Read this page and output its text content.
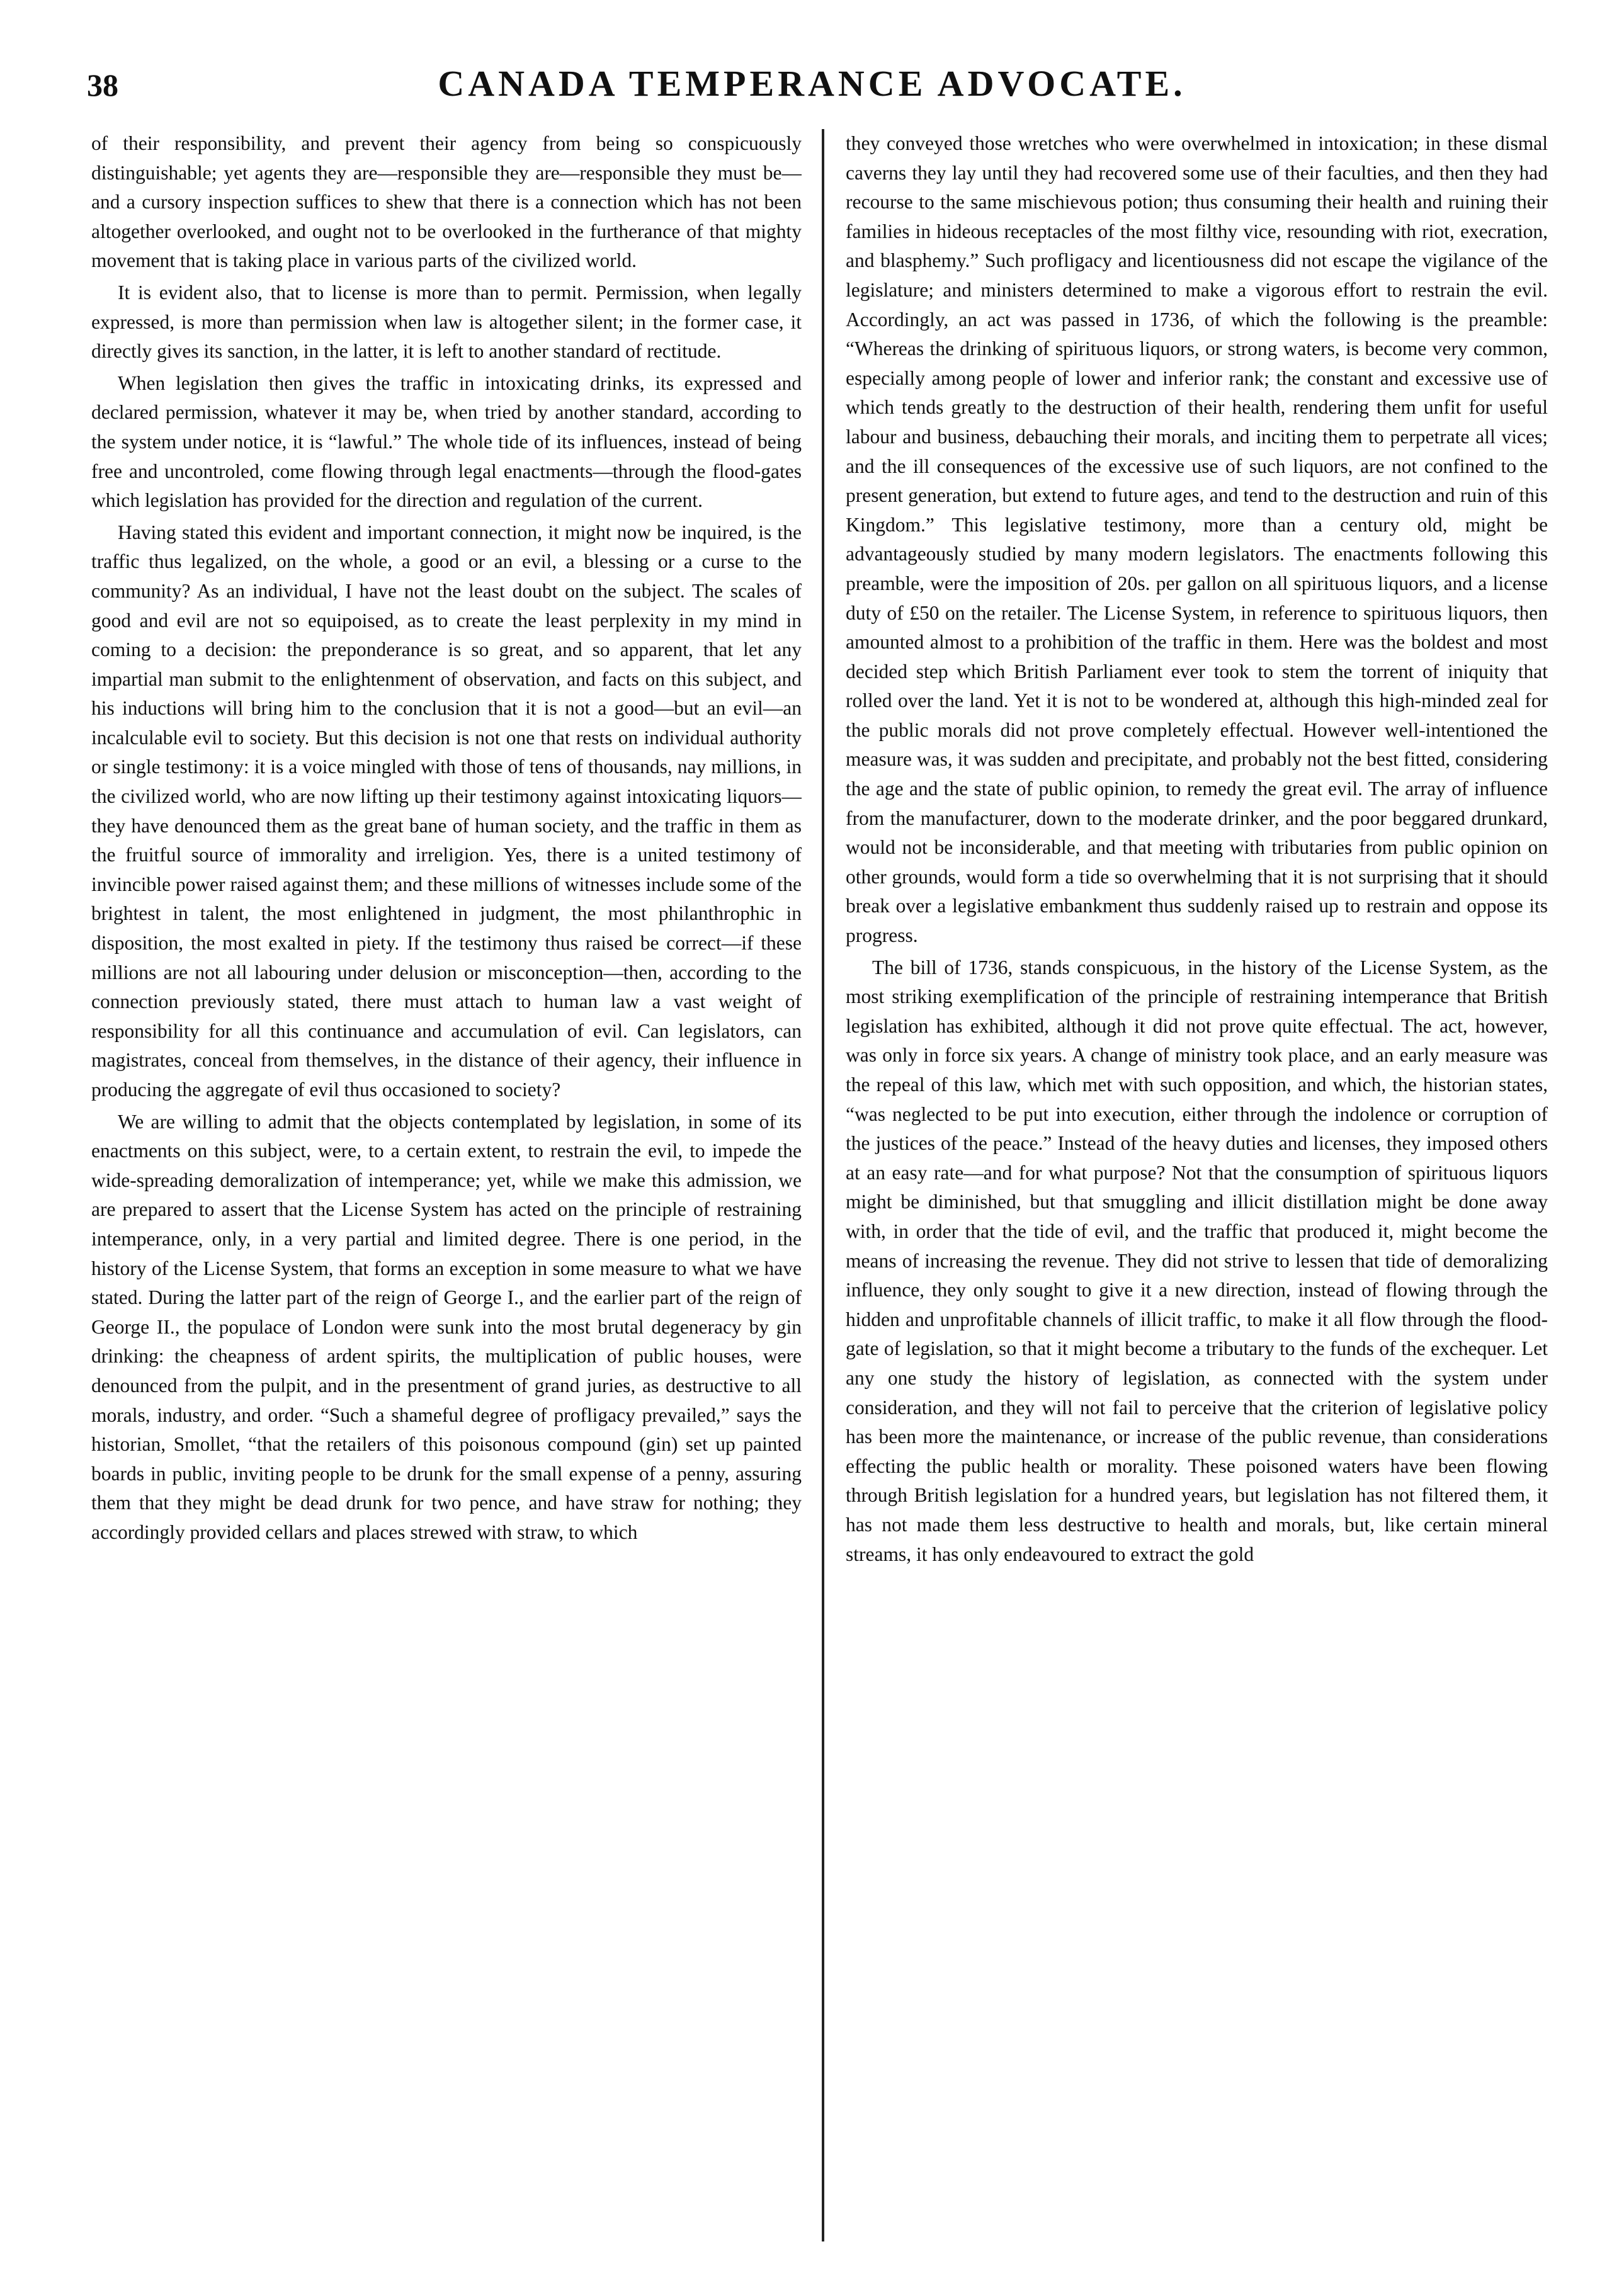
38	CANADA TEMPERANCE ADVOCATE.

of their responsibility, and prevent their agency from being so conspicuously distinguishable; yet agents they are—responsible they are—responsible they must be—and a cursory inspection suffices to shew that there is a connection which has not been altogether overlooked, and ought not to be overlooked in the furtherance of that mighty movement that is taking place in various parts of the civilized world.

It is evident also, that to license is more than to permit. Permission, when legally expressed, is more than permission when law is altogether silent; in the former case, it directly gives its sanction, in the latter, it is left to another standard of rectitude.

When legislation then gives the traffic in intoxicating drinks, its expressed and declared permission, whatever it may be, when tried by another standard, according to the system under notice, it is “lawful.” The whole tide of its influences, instead of being free and uncontroled, come flowing through legal enactments—through the flood-gates which legislation has provided for the direction and regulation of the current.

Having stated this evident and important connection, it might now be inquired, is the traffic thus legalized, on the whole, a good or an evil, a blessing or a curse to the community? As an individual, I have not the least doubt on the subject. The scales of good and evil are not so equipoised, as to create the least perplexity in my mind in coming to a decision: the preponderance is so great, and so apparent, that let any impartial man submit to the enlightenment of observation, and facts on this subject, and his inductions will bring him to the conclusion that it is not a good—but an evil—an incalculable evil to society. But this decision is not one that rests on individual authority or single testimony: it is a voice mingled with those of tens of thousands, nay millions, in the civilized world, who are now lifting up their testimony against intoxicating liquors—they have denounced them as the great bane of human society, and the traffic in them as the fruitful source of immorality and irreligion. Yes, there is a united testimony of invincible power raised against them; and these millions of witnesses include some of the brightest in talent, the most enlightened in judgment, the most philanthrophic in disposition, the most exalted in piety. If the testimony thus raised be correct—if these millions are not all labouring under delusion or misconception—then, according to the connection previously stated, there must attach to human law a vast weight of responsibility for all this continuance and accumulation of evil. Can legislators, can magistrates, conceal from themselves, in the distance of their agency, their influence in producing the aggregate of evil thus occasioned to society?

We are willing to admit that the objects contemplated by legislation, in some of its enactments on this subject, were, to a certain extent, to restrain the evil, to impede the wide-spreading demoralization of intemperance; yet, while we make this admission, we are prepared to assert that the License System has acted on the principle of restraining intemperance, only, in a very partial and limited degree. There is one period, in the history of the License System, that forms an exception in some measure to what we have stated. During the latter part of the reign of George I., and the earlier part of the reign of George II., the populace of London were sunk into the most brutal degeneracy by gin drinking: the cheapness of ardent spirits, the multiplication of public houses, were denounced from the pulpit, and in the presentment of grand juries, as destructive to all morals, industry, and order. “Such a shameful degree of profligacy prevailed,” says the historian, Smollet, “that the retailers of this poisonous compound (gin) set up painted boards in public, inviting people to be drunk for the small expense of a penny, assuring them that they might be dead drunk for two pence, and have straw for nothing; they accordingly provided cellars and places strewed with straw, to which

they conveyed those wretches who were overwhelmed in intoxication; in these dismal caverns they lay until they had recovered some use of their faculties, and then they had recourse to the same mischievous potion; thus consuming their health and ruining their families in hideous receptacles of the most filthy vice, resounding with riot, execration, and blasphemy.” Such profligacy and licentiousness did not escape the vigilance of the legislature; and ministers determined to make a vigorous effort to restrain the evil. Accordingly, an act was passed in 1736, of which the following is the preamble: “Whereas the drinking of spirituous liquors, or strong waters, is become very common, especially among people of lower and inferior rank; the constant and excessive use of which tends greatly to the destruction of their health, rendering them unfit for useful labour and business, debauching their morals, and inciting them to perpetrate all vices; and the ill consequences of the excessive use of such liquors, are not confined to the present generation, but extend to future ages, and tend to the destruction and ruin of this Kingdom.” This legislative testimony, more than a century old, might be advantageously studied by many modern legislators. The enactments following this preamble, were the imposition of 20s. per gallon on all spirituous liquors, and a license duty of £50 on the retailer. The License System, in reference to spirituous liquors, then amounted almost to a prohibition of the traffic in them. Here was the boldest and most decided step which British Parliament ever took to stem the torrent of iniquity that rolled over the land. Yet it is not to be wondered at, although this high-minded zeal for the public morals did not prove completely effectual. However well-intentioned the measure was, it was sudden and precipitate, and probably not the best fitted, considering the age and the state of public opinion, to remedy the great evil. The array of influence from the manufacturer, down to the moderate drinker, and the poor beggared drunkard, would not be inconsiderable, and that meeting with tributaries from public opinion on other grounds, would form a tide so overwhelming that it is not surprising that it should break over a legislative embankment thus suddenly raised up to restrain and oppose its progress.

The bill of 1736, stands conspicuous, in the history of the License System, as the most striking exemplification of the principle of restraining intemperance that British legislation has exhibited, although it did not prove quite effectual. The act, however, was only in force six years. A change of ministry took place, and an early measure was the repeal of this law, which met with such opposition, and which, the historian states, “was neglected to be put into execution, either through the indolence or corruption of the justices of the peace.” Instead of the heavy duties and licenses, they imposed others at an easy rate—and for what purpose? Not that the consumption of spirituous liquors might be diminished, but that smuggling and illicit distillation might be done away with, in order that the tide of evil, and the traffic that produced it, might become the means of increasing the revenue. They did not strive to lessen that tide of demoralizing influence, they only sought to give it a new direction, instead of flowing through the hidden and unprofitable channels of illicit traffic, to make it all flow through the flood-gate of legislation, so that it might become a tributary to the funds of the exchequer. Let any one study the history of legislation, as connected with the system under consideration, and they will not fail to perceive that the criterion of legislative policy has been more the maintenance, or increase of the public revenue, than considerations effecting the public health or morality. These poisoned waters have been flowing through British legislation for a hundred years, but legislation has not filtered them, it has not made them less destructive to health and morals, but, like certain mineral streams, it has only endeavoured to extract the gold
